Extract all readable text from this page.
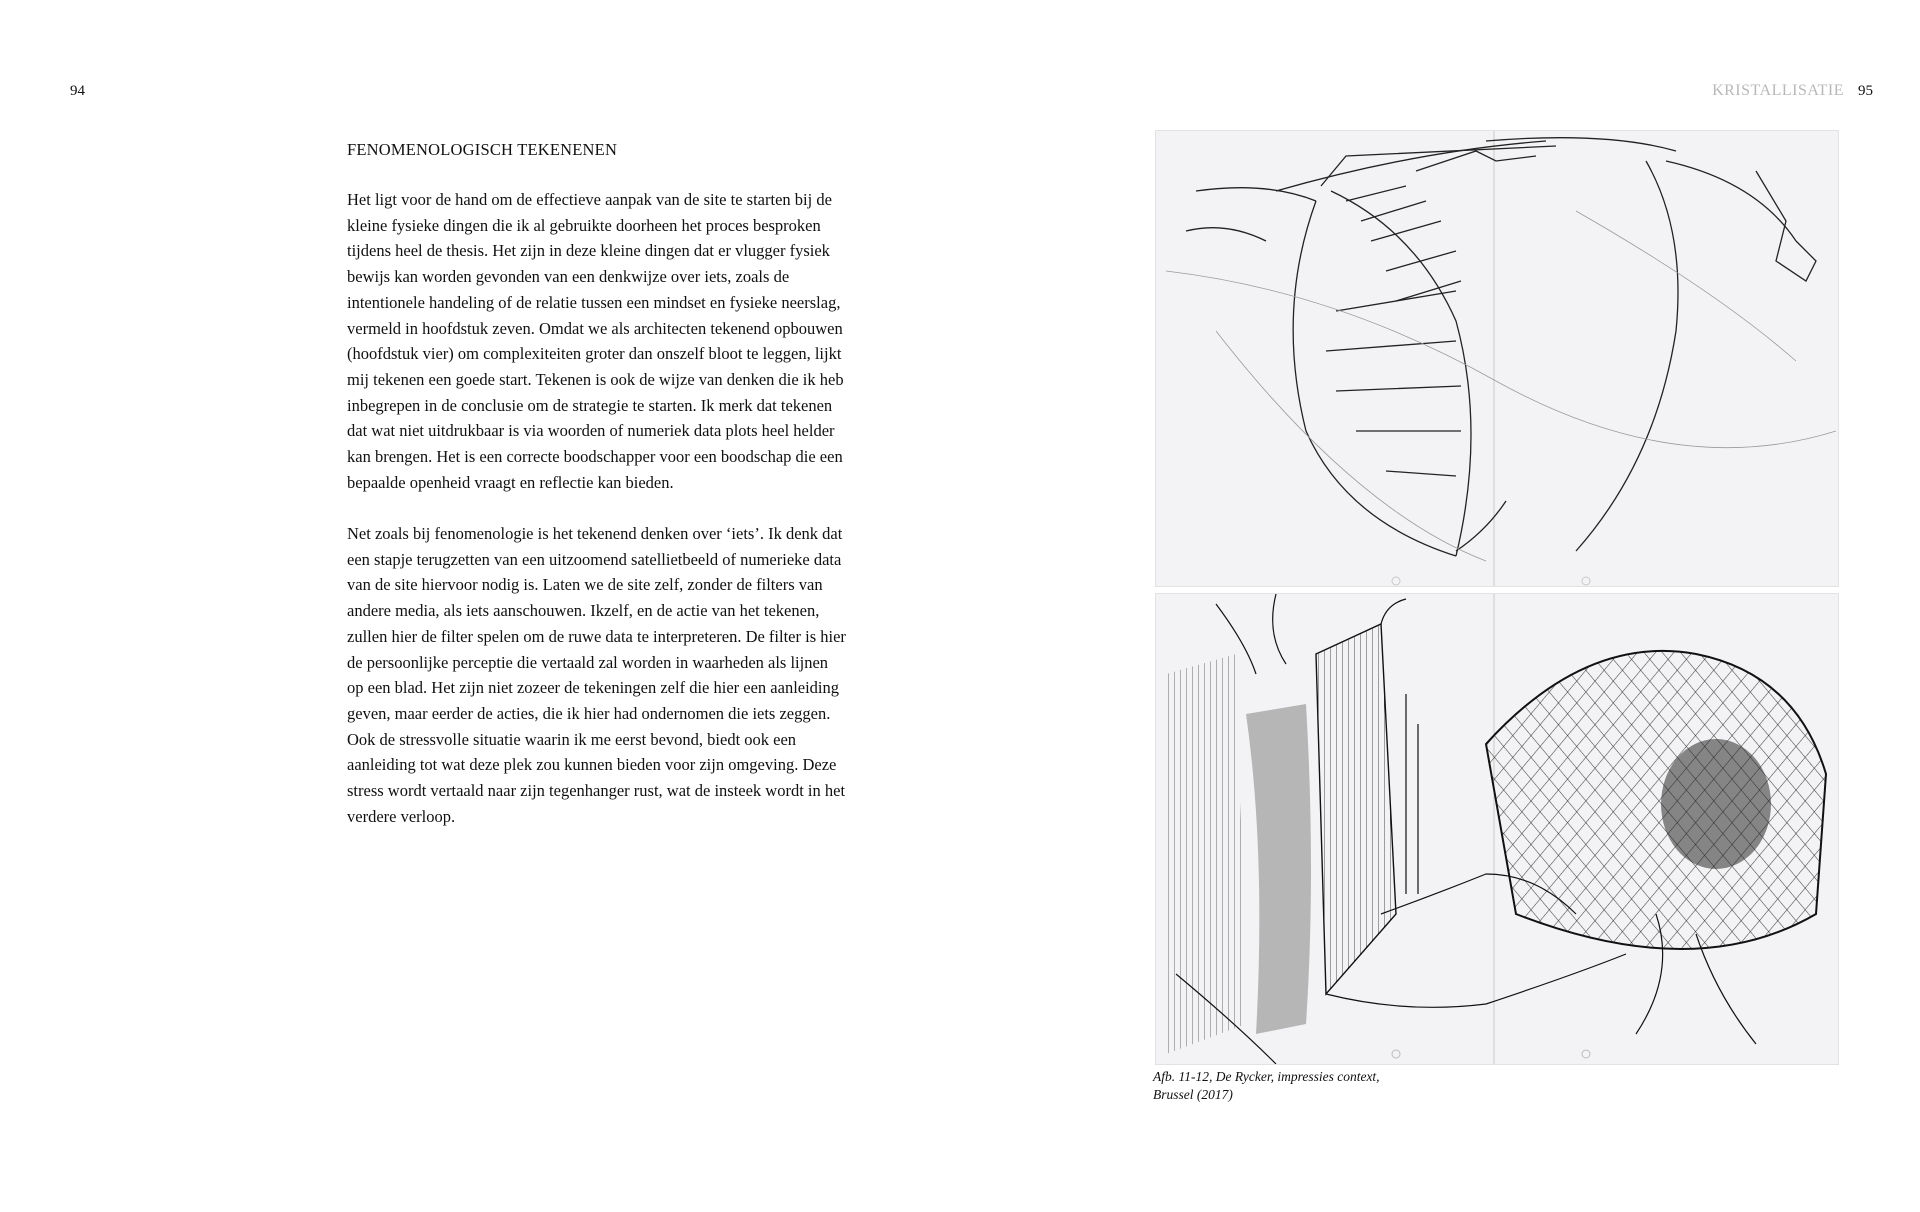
94	KRISTALLISATIE 95
FENOMENOLOGISCH TEKENENEN
Het ligt voor de hand om de effectieve aanpak van de site te starten bij de
kleine fysieke dingen die ik al gebruikte doorheen het proces besproken
tijdens heel de thesis. Het zijn in deze kleine dingen dat er vlugger fysiek
bewijs kan worden gevonden van een denkwijze over iets, zoals de
intentionele handeling of de relatie tussen een mindset en fysieke neerslag,
vermeld in hoofdstuk zeven. Omdat we als architecten tekenend opbouwen
(hoofdstuk vier) om complexiteiten groter dan onszelf bloot te leggen, lijkt
mij tekenen een goede start. Tekenen is ook de wijze van denken die ik heb
inbegrepen in de conclusie om de strategie te starten. Ik merk dat tekenen
dat wat niet uitdrukbaar is via woorden of numeriek data plots heel helder
kan brengen. Het is een correcte boodschapper voor een boodschap die een
bepaalde openheid vraagt en reflectie kan bieden.
Net zoals bij fenomenologie is het tekenend denken over ‘iets’. Ik denk dat
een stapje terugzetten van een uitzoomend satellietbeeld of numerieke data
van de site hiervoor nodig is. Laten we de site zelf, zonder de filters van
andere media, als iets aanschouwen. Ikzelf, en de actie van het tekenen,
zullen hier de filter spelen om de ruwe data te interpreteren. De filter is hier
de persoonlijke perceptie die vertaald zal worden in waarheden als lijnen
op een blad. Het zijn niet zozeer de tekeningen zelf die hier een aanleiding
geven, maar eerder de acties, die ik hier had ondernomen die iets zeggen.
Ook de stressvolle situatie waarin ik me eerst bevond, biedt ook een
aanleiding tot wat deze plek zou kunnen bieden voor zijn omgeving. Deze
stress wordt vertaald naar zijn tegenhanger rust, wat de insteek wordt in het
verdere verloop.
Afb. 11-12, De Rycker, impressies context,
Brussel (2017)
